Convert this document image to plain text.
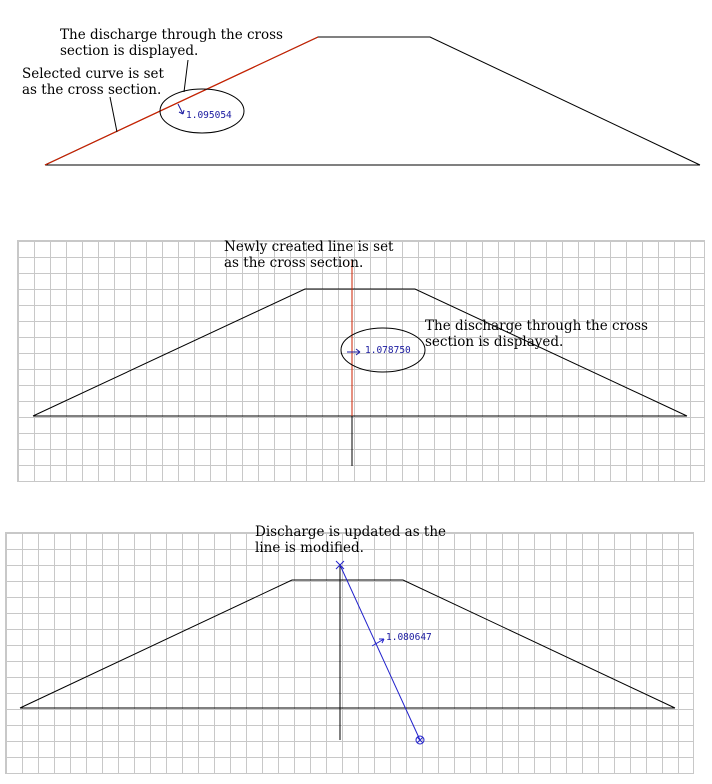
1.095054
The discharge through the cross
section is displayed.
Selected curve is set
as the cross section.
1.078750
Newly created line is set
as the cross section.
The discharge through the cross
section is displayed.
1.080647
Discharge is updated as the
line is modified.
